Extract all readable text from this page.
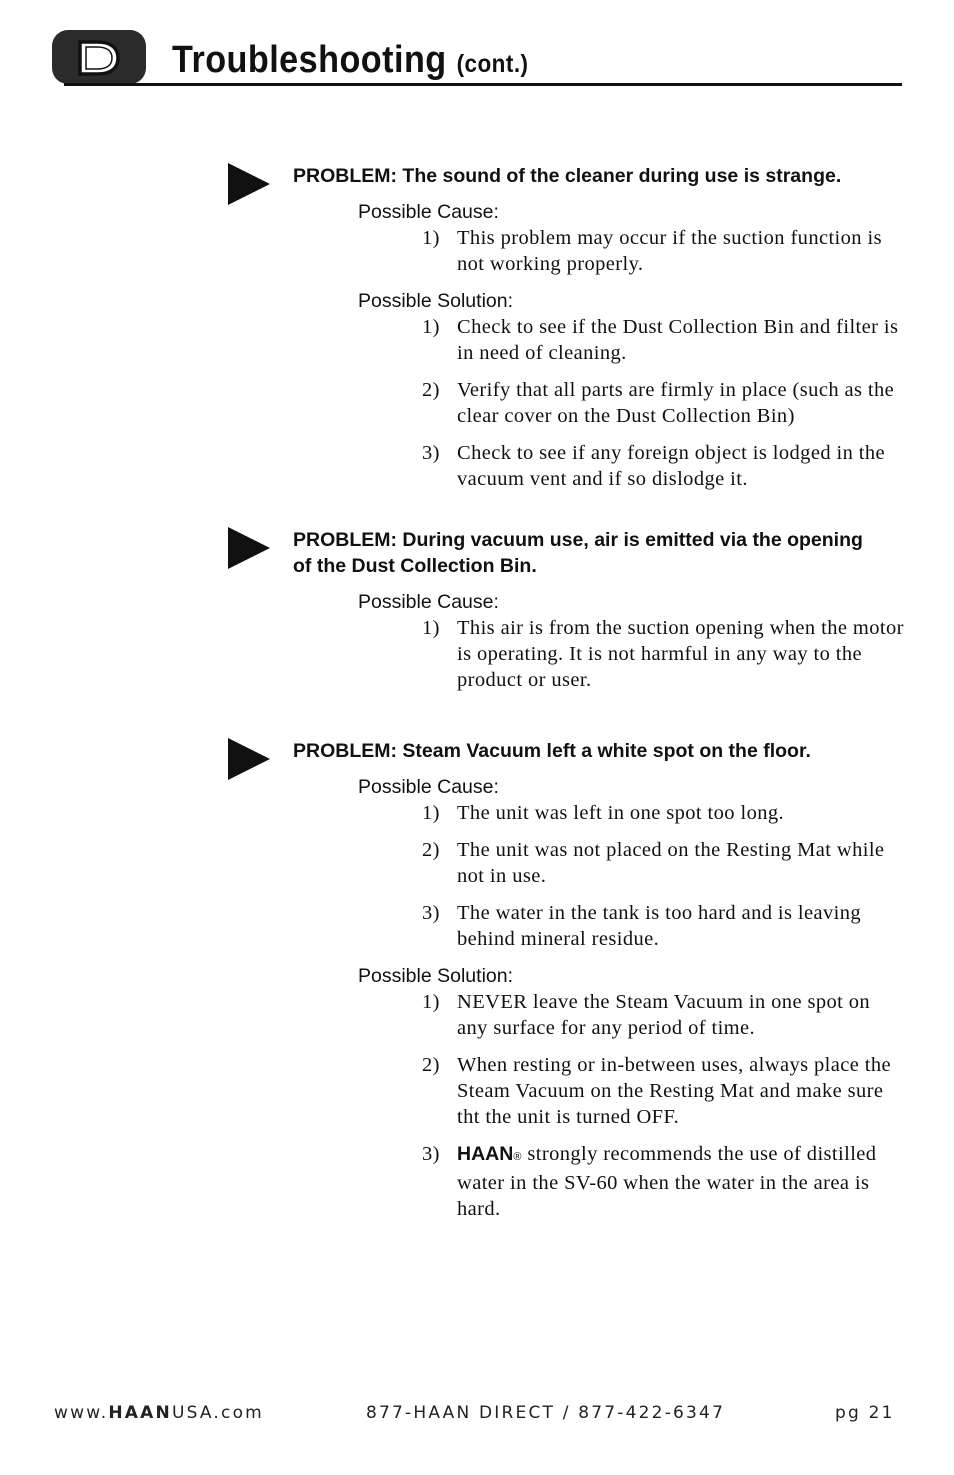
Troubleshooting (cont.)

PROBLEM: The sound of the cleaner during use is strange.

Possible Cause:

1) This problem may occur if the suction function is not working properly.

Possible Solution:

1) Check to see if the Dust Collection Bin and filter is in need of cleaning.
2) Verify that all parts are firmly in place (such as the clear cover on the Dust Collection Bin)
3) Check to see if any foreign object is lodged in the vacuum vent and if so dislodge it.

PROBLEM: During vacuum use, air is emitted via the opening of the Dust Collection Bin.

Possible Cause:

1) This air is from the suction opening when the motor is operating. It is not harmful in any way to the product or user.

PROBLEM: Steam Vacuum left a white spot on the floor.

Possible Cause:

1) The unit was left in one spot too long.
2) The unit was not placed on the Resting Mat while not in use.
3) The water in the tank is too hard and is leaving behind mineral residue.

Possible Solution:

1) NEVER leave the Steam Vacuum in one spot on any surface for any period of time.
2) When resting or in-between uses, always place the Steam Vacuum on the Resting Mat and make sure tht the unit is turned OFF.
3) HAAN® strongly recommends the use of distilled water in the SV-60 when the water in the area is hard.
www.HAANUSA.com	877-HAAN DIRECT / 877-422-6347	pg 21
